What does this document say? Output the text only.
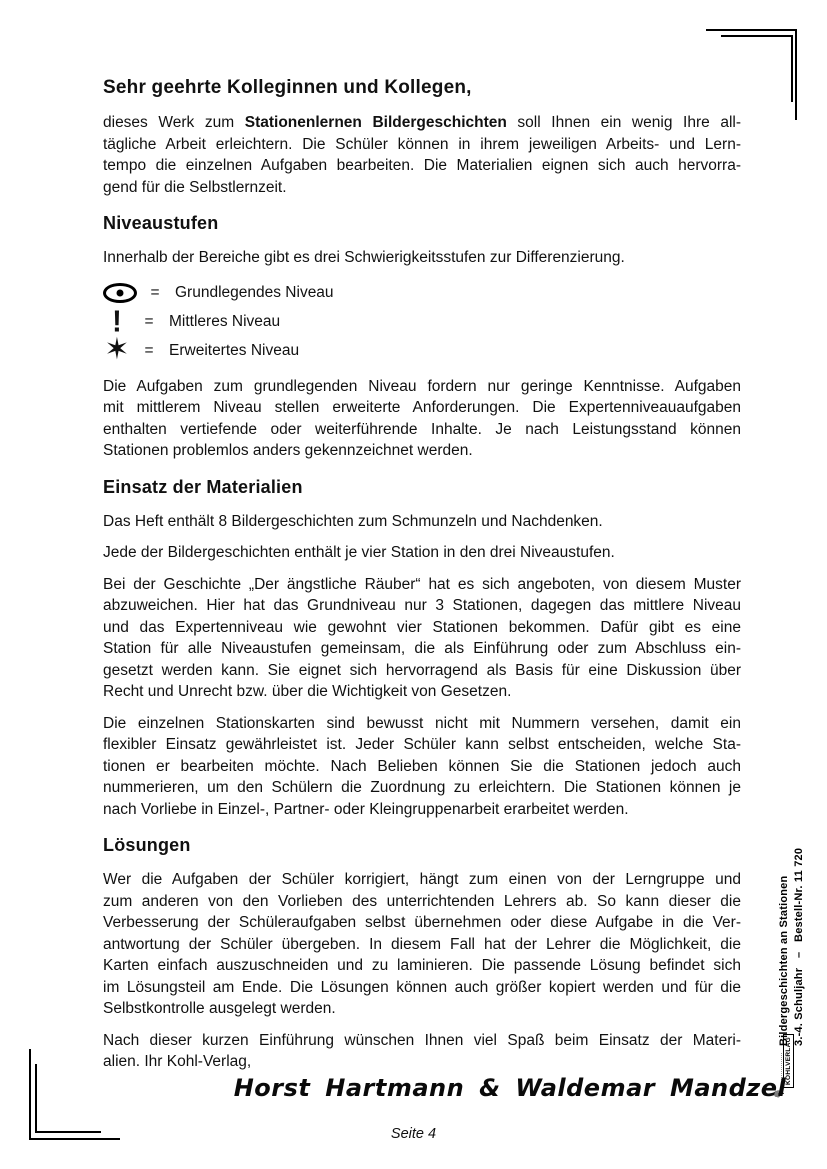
Sehr geehrte Kolleginnen und Kollegen,
dieses Werk zum Stationenlernen Bildergeschichten soll Ihnen ein wenig Ihre all-
tägliche Arbeit erleichtern. Die Schüler können in ihrem jeweiligen Arbeits- und Lern-
tempo die einzelnen Aufgaben bearbeiten. Die Materialien eignen sich auch hervorra-
gend für die Selbstlernzeit.
Niveaustufen
Innerhalb der Bereiche gibt es drei Schwierigkeitsstufen zur Differenzierung.
= Grundlegendes Niveau
!	= Mittleres Niveau
✶ = Erweitertes Niveau
Die Aufgaben zum grundlegenden Niveau fordern nur geringe Kenntnisse. Aufgaben
mit mittlerem Niveau stellen erweiterte Anforderungen. Die Expertenniveauaufgaben
enthalten vertiefende oder weiterführende Inhalte. Je nach Leistungsstand können
Stationen problemlos anders gekennzeichnet werden.
Einsatz der Materialien
Das Heft enthält 8 Bildergeschichten zum Schmunzeln und Nachdenken.
Jede der Bildergeschichten enthält je vier Station in den drei Niveaustufen.
Bei der Geschichte „Der ängstliche Räuber“ hat es sich angeboten, von diesem Muster
abzuweichen. Hier hat das Grundniveau nur 3 Stationen, dagegen das mittlere Niveau
und das Expertenniveau wie gewohnt vier Stationen bekommen. Dafür gibt es eine
Station für alle Niveaustufen gemeinsam, die als Einführung oder zum Abschluss ein-
gesetzt werden kann. Sie eignet sich hervorragend als Basis für eine Diskussion über
Recht und Unrecht bzw. über die Wichtigkeit von Gesetzen.
Die einzelnen Stationskarten sind bewusst nicht mit Nummern versehen, damit ein
flexibler Einsatz gewährleistet ist. Jeder Schüler kann selbst entscheiden, welche Sta-
tionen er bearbeiten möchte. Nach Belieben können Sie die Stationen jedoch auch
nummerieren, um den Schülern die Zuordnung zu erleichtern. Die Stationen können je
nach Vorliebe in Einzel-, Partner- oder Kleingruppenarbeit erarbeitet werden.
Lösungen
Wer die Aufgaben der Schüler korrigiert, hängt zum einen von der Lerngruppe und
zum anderen von den Vorlieben des unterrichtenden Lehrers ab. So kann dieser die
Verbesserung der Schüleraufgaben selbst übernehmen oder diese Aufgabe in die Ver-
antwortung der Schüler übergeben. In diesem Fall hat der Lehrer die Möglichkeit, die
Karten einfach auszuschneiden und zu laminieren. Die passende Lösung befindet sich
im Lösungsteil am Ende. Die Lösungen können auch größer kopiert werden und für die
Selbstkontrolle ausgelegt werden.
Nach dieser kurzen Einführung wünschen Ihnen viel Spaß beim Einsatz der Materi-
alien. Ihr Kohl-Verlag,
Bildergeschichten an Stationen 3.-4. Schuljahr   –   Bestell-Nr. 11 720
KOHLVERLAG
Horst Hartmann & Waldemar Mandzel
Seite 4
